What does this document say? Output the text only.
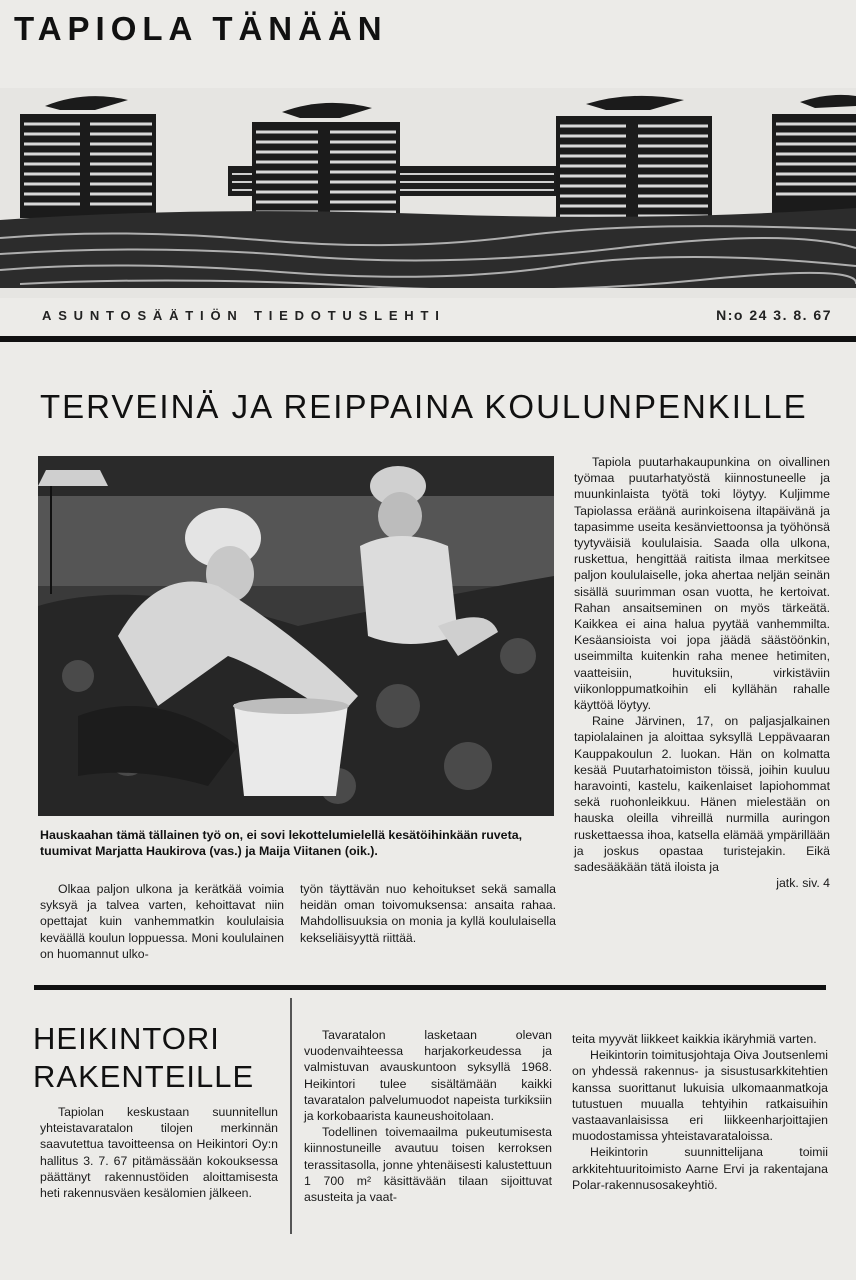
TAPIOLA TÄNÄÄN
ASUNTOSÄÄTIÖN TIEDOTUSLEHTI	N:o 24 3. 8. 67
TERVEINÄ JA REIPPAINA KOULUNPENKILLE
Hauskaahan tämä tällainen työ on, ei sovi lekottelumielellä kesätöihinkään ruveta, tuumivat Marjatta Haukirova (vas.) ja Maija Viitanen (oik.).

Olkaa paljon ulkona ja kerätkää voimia syksyä ja talvea varten, kehoittavat niin opettajat kuin vanhemmatkin koululaisia keväällä koulun loppuessa. Moni koululainen on huomannut ulko-

työn täyttävän nuo kehoitukset sekä samalla heidän oman toivomuksensa: ansaita rahaa. Mahdollisuuksia on monia ja kyllä koululaisella kekseliäisyyttä riittää.

Tapiola puutarhakaupunkina on oivallinen työmaa puutarhatyöstä kiinnostuneelle ja muunkinlaista työtä toki löytyy. Kuljimme Tapiolassa eräänä aurinkoisena iltapäivänä ja tapasimme useita kesänviettoonsa ja työhönsä tyytyväisiä koululaisia. Saada olla ulkona, ruskettua, hengittää raitista ilmaa merkitsee paljon koululaiselle, joka ahertaa neljän seinän sisällä suurimman osan vuotta, he kertoivat. Rahan ansaitseminen on myös tärkeätä. Kaikkea ei aina halua pyytää vanhemmilta. Kesäansioista voi jopa jäädä säästöönkin, useimmilta kuitenkin raha menee hetimiten, vaatteisiin, huvituksiin, virkistäviin viikonloppumatkoihin eli kyllähän rahalle käyttöä löytyy.

Raine Järvinen, 17, on paljasjalkainen tapiolalainen ja aloittaa syksyllä Leppävaaran Kauppakoulun 2. luokan. Hän on kolmatta kesää Puutarhatoimiston töissä, joihin kuuluu haravointi, kastelu, kaikenlaiset lapiohommat sekä ruohonleikkuu. Hänen mielestään on hauska oleilla vihreillä nurmilla auringon ruskettaessa ihoa, katsella elämää ympärillään ja joskus opastaa turistejakin. Eikä sadesääkään tätä iloista ja

jatk. siv. 4
HEIKINTORI
RAKENTEILLE

Tapiolan keskustaan suunnitellun yhteistavaratalon tilojen merkinnän saavutettua tavoitteensa on Heikintori Oy:n hallitus 3. 7. 67 pitämässään kokouksessa päättänyt rakennustöiden aloittamisesta heti rakennusväen kesälomien jälkeen.

Tavaratalon lasketaan olevan vuodenvaihteessa harjakorkeudessa ja valmistuvan avauskuntoon syksyllä 1968. Heikintori tulee sisältämään kaikki tavaratalon palvelumuodot napeista turkiksiin ja korkobaarista kauneushoitolaan.

Todellinen toivemaailma pukeutumisesta kiinnostuneille avautuu toisen kerroksen terassitasolla, jonne yhtenäisesti kalustettuun 1 700 m² käsittävään tilaan sijoittuvat asusteita ja vaat-

teita myyvät liikkeet kaikkia ikäryhmiä varten.

Heikintorin toimitusjohtaja Oiva Joutsenlemi on yhdessä rakennus- ja sisustusarkkitehtien kanssa suorittanut lukuisia ulkomaanmatkoja tutustuen muualla tehtyihin ratkaisuihin vastaavanlaisissa eri liikkeenharjoittajien muodostamissa yhteistavarataloissa.

Heikintorin suunnittelijana toimii arkkitehtuuritoimisto Aarne Ervi ja rakentajana Polar-rakennusosakeyhtiö.
